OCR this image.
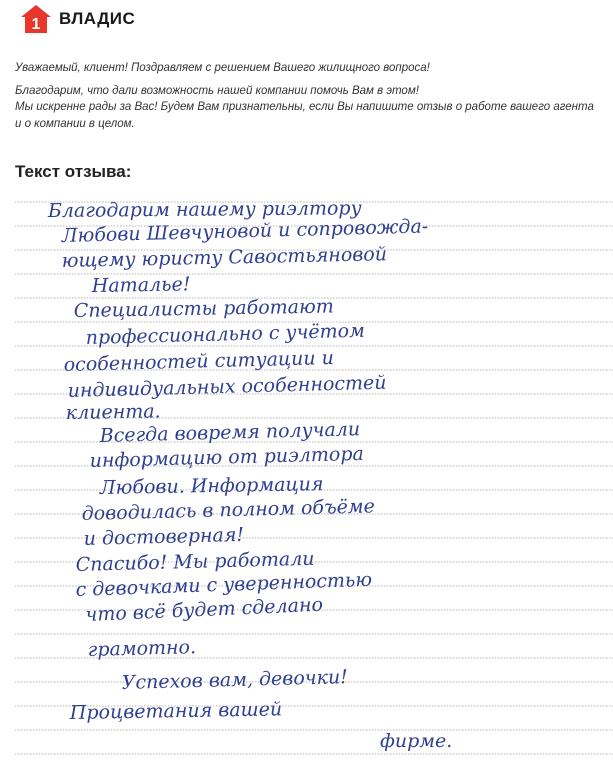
1 ВЛАДИС

Уважаемый, клиент! Поздравляем с решением Вашего жилищного вопроса!

Благодарим, что дали возможность нашей компании помочь Вам в этом!

Мы искренне рады за Вас! Будем Вам признательны, если Вы напишите отзыв о работе вашего агента и о компании в целом.

Текст отзыва:
Благодарим нашему риэлтору
Любови Шевчуновой и сопровожда-
ющему юристу Савостьяновой
Наталье!
Специалисты работают
профессионально с учётом
особенностей ситуации и
индивидуальных особенностей
клиента.
Всегда вовремя получали
информацию от риэлтора
Любови. Информация
доводилась в полном объёме
и достоверная!
Спасибо! Мы работали
с девочками с уверенностью
что всё будет сделано
грамотно.
Успехов вам, девочки!
Процветания вашей
фирме.
